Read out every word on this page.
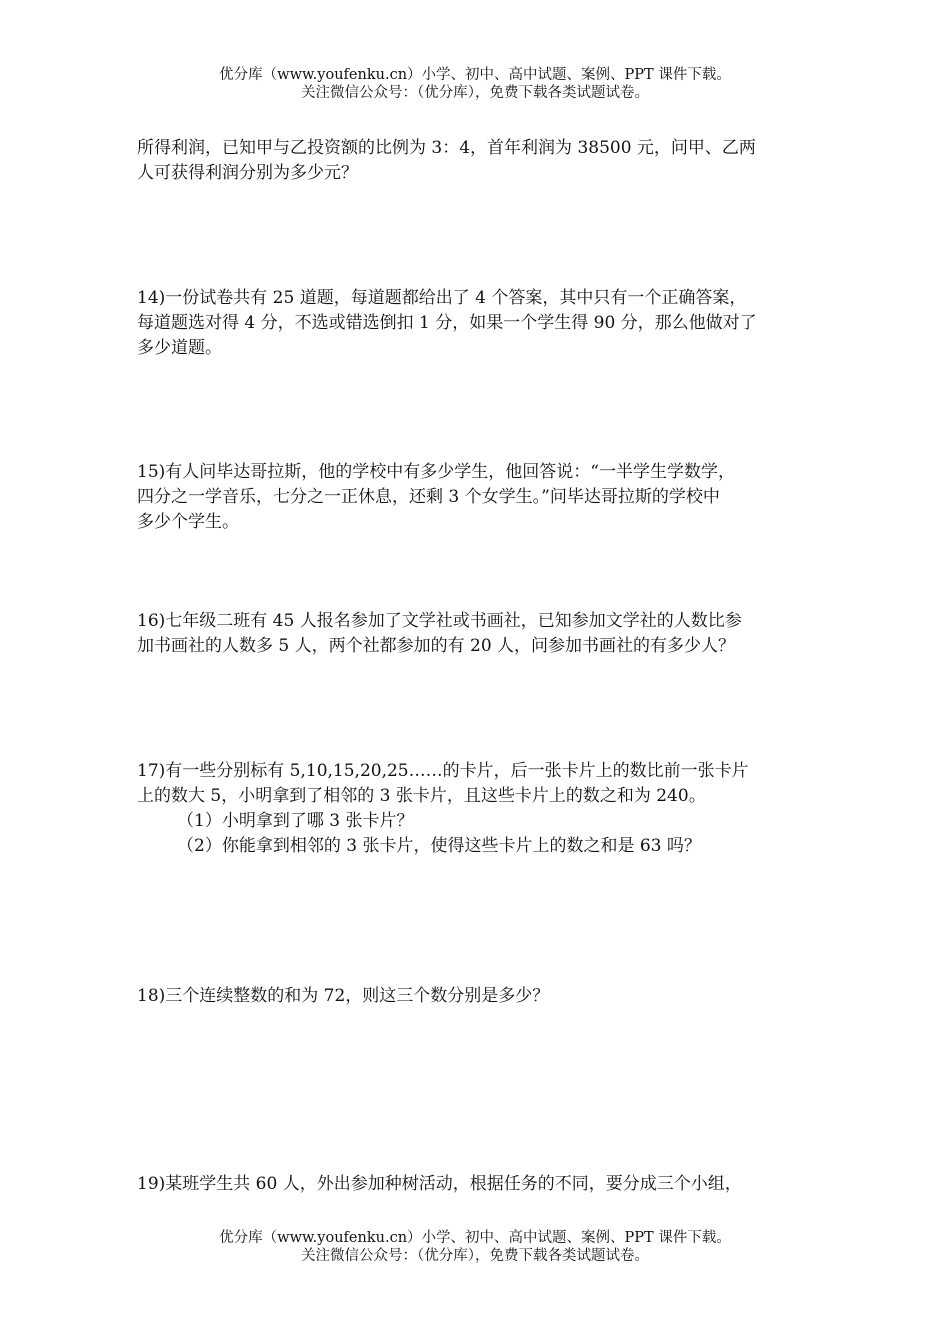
优分库（www.youfenku.cn）小学、初中、高中试题、案例、PPT 课件下载。
关注微信公众号：（优分库），免费下载各类试题试卷。
所得利润，已知甲与乙投资额的比例为 3：4，首年利润为 38500 元，问甲、乙两
人可获得利润分别为多少元？
14)一份试卷共有 25 道题，每道题都给出了 4 个答案，其中只有一个正确答案，
每道题选对得 4 分，不选或错选倒扣 1 分，如果一个学生得 90 分，那么他做对了
多少道题。
15)有人问毕达哥拉斯，他的学校中有多少学生，他回答说：“一半学生学数学，
四分之一学音乐，七分之一正休息，还剩 3 个女学生。”问毕达哥拉斯的学校中
多少个学生。
16)七年级二班有 45 人报名参加了文学社或书画社，已知参加文学社的人数比参
加书画社的人数多 5 人，两个社都参加的有 20 人，问参加书画社的有多少人？
17)有一些分别标有 5,10,15,20,25……的卡片，后一张卡片上的数比前一张卡片
上的数大 5，小明拿到了相邻的 3 张卡片，且这些卡片上的数之和为 240。
（1）小明拿到了哪 3 张卡片？
（2）你能拿到相邻的 3 张卡片，使得这些卡片上的数之和是 63 吗？
18)三个连续整数的和为 72，则这三个数分别是多少？
19)某班学生共 60 人，外出参加种树活动，根据任务的不同，要分成三个小组，
优分库（www.youfenku.cn）小学、初中、高中试题、案例、PPT 课件下载。
关注微信公众号：（优分库），免费下载各类试题试卷。
